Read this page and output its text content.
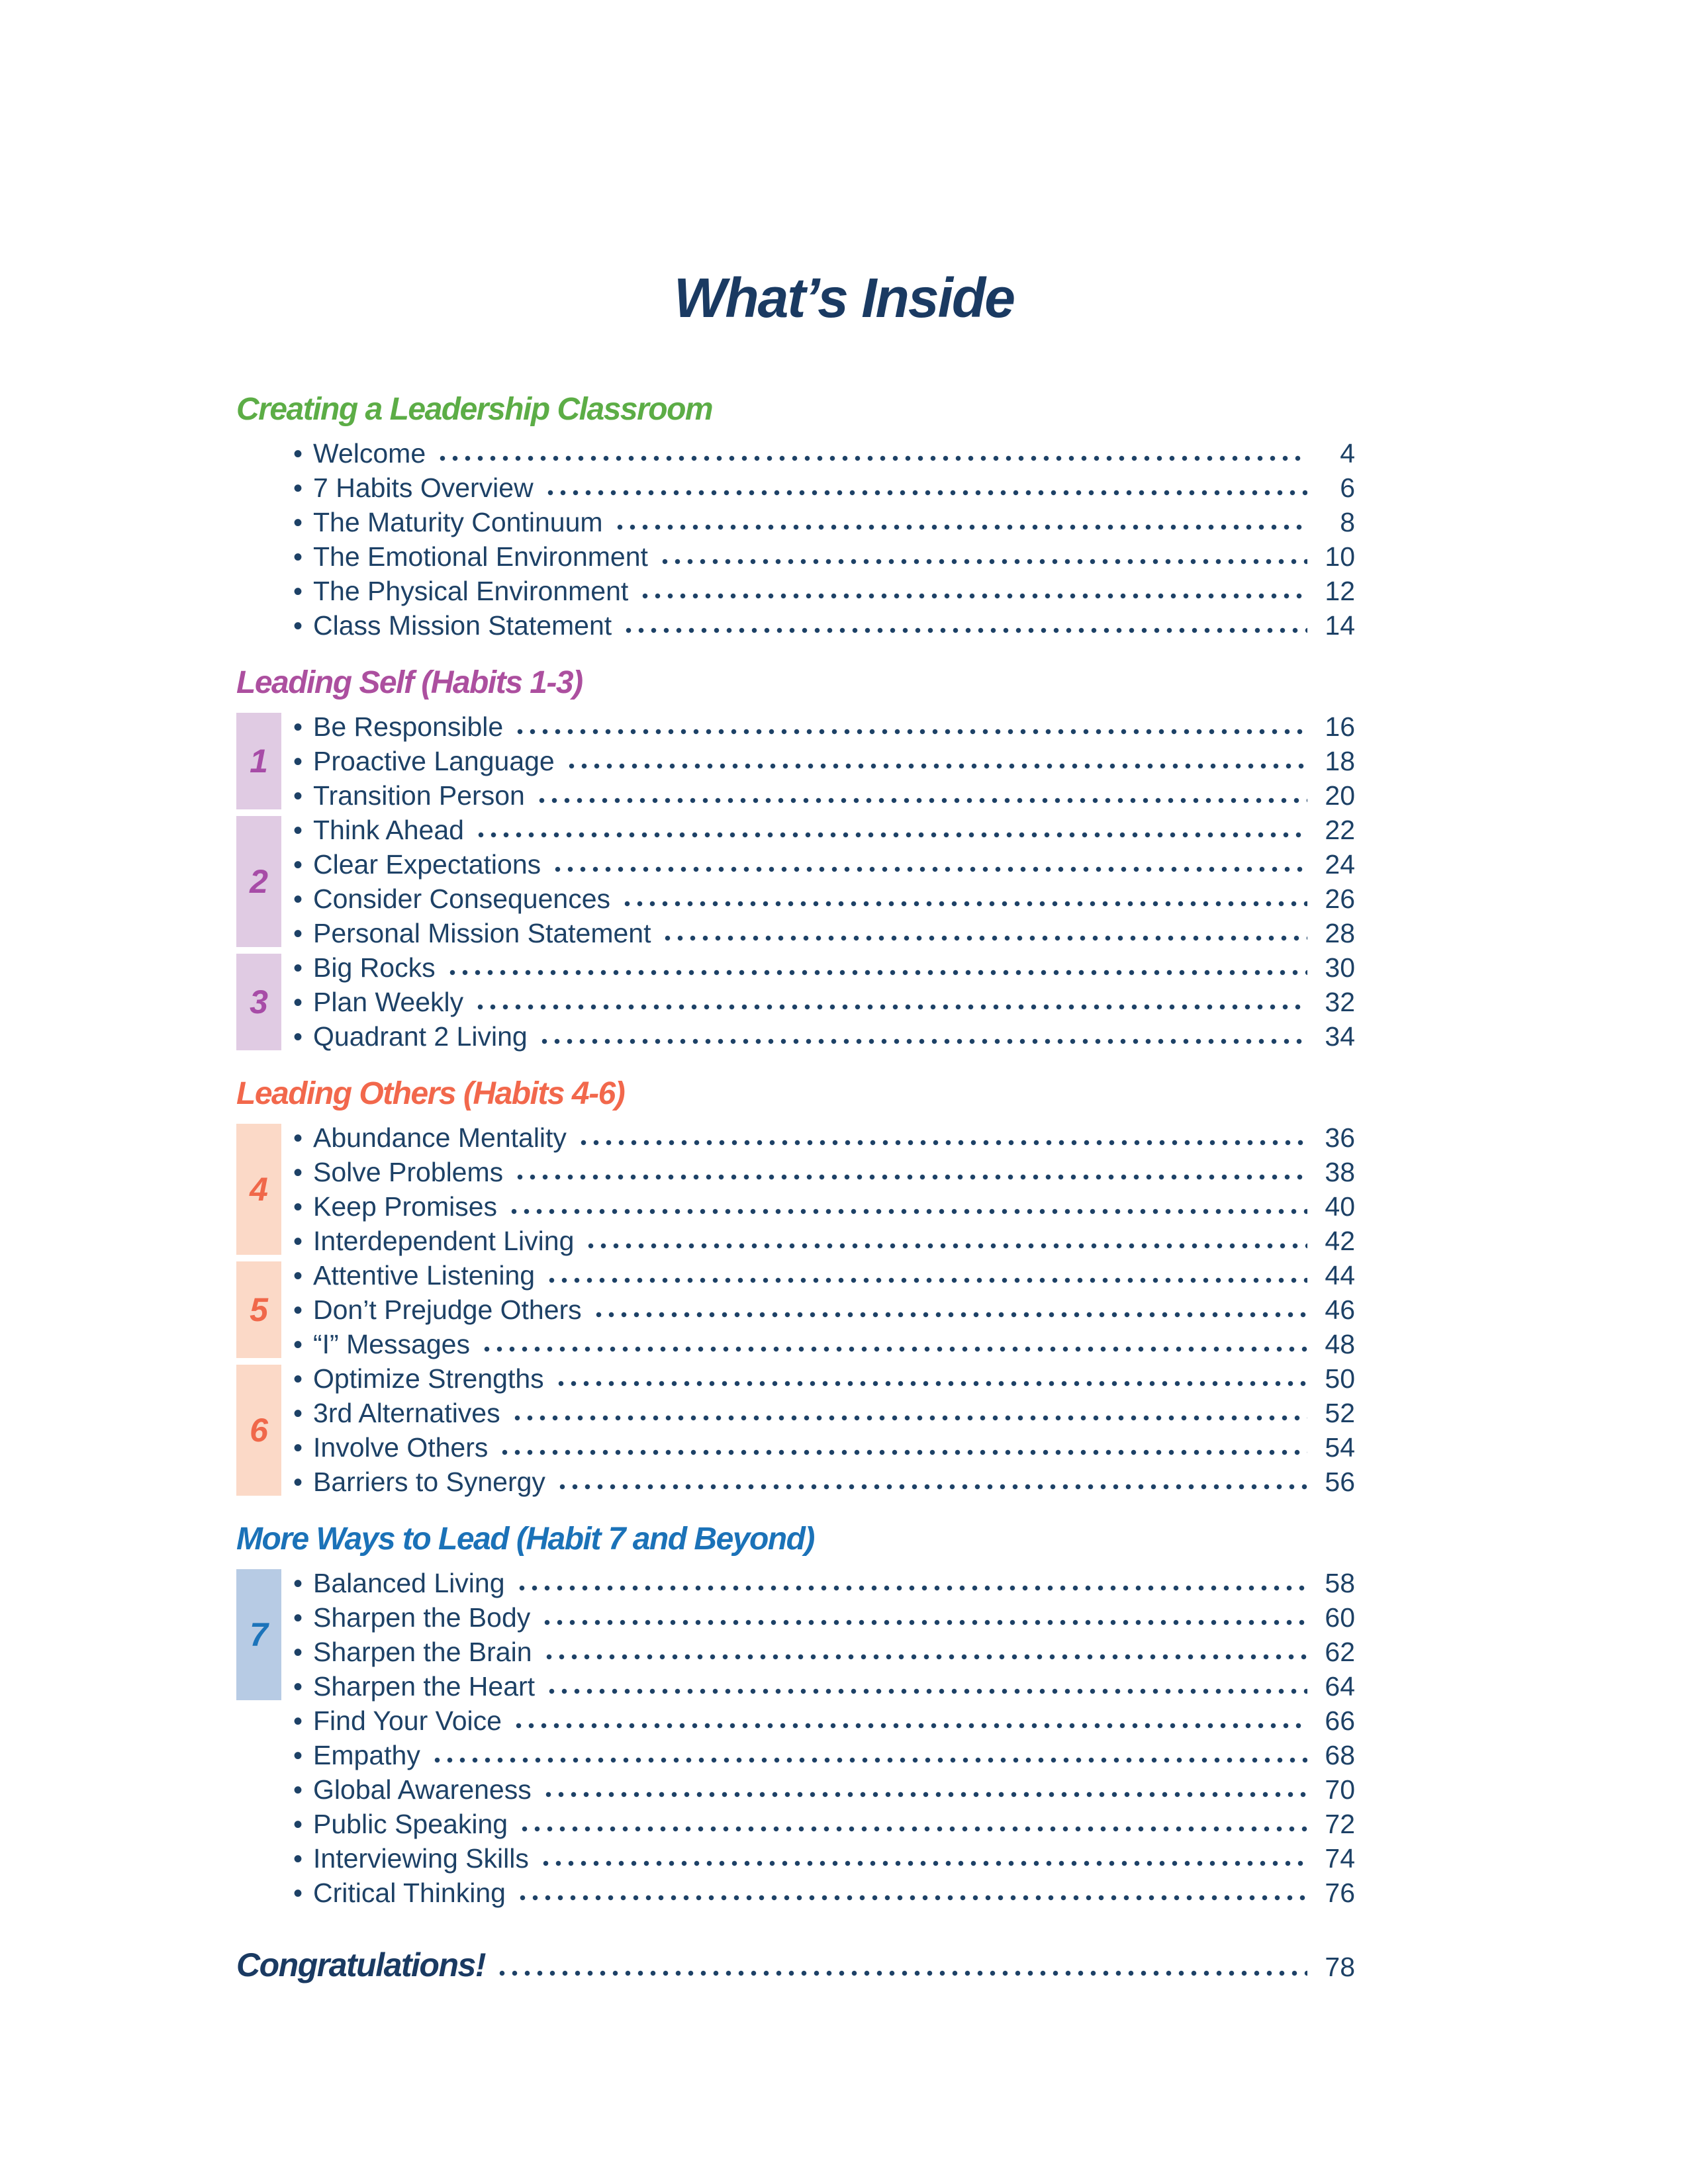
What’s Inside
Creating a Leadership Classroom
• Welcome	4
• 7 Habits Overview	6
• The Maturity Continuum	8
• The Emotional Environment	10
• The Physical Environment	12
• Class Mission Statement	14
Leading Self (Habits 1-3)
1
• Be Responsible	16
• Proactive Language	18
• Transition Person	20
2
• Think Ahead	22
• Clear Expectations	24
• Consider Consequences	26
• Personal Mission Statement	28
3
• Big Rocks	30
• Plan Weekly	32
• Quadrant 2 Living	34
Leading Others (Habits 4-6)
4
• Abundance Mentality	36
• Solve Problems	38
• Keep Promises	40
• Interdependent Living	42
5
• Attentive Listening	44
• Don’t Prejudge Others	46
• “I” Messages	48
6
• Optimize Strengths	50
• 3rd Alternatives	52
• Involve Others	54
• Barriers to Synergy	56
More Ways to Lead (Habit 7 and Beyond)
7
• Balanced Living	58
• Sharpen the Body	60
• Sharpen the Brain	62
• Sharpen the Heart	64
• Find Your Voice	66
• Empathy	68
• Global Awareness	70
• Public Speaking	72
• Interviewing Skills	74
• Critical Thinking	76
Congratulations!	78
